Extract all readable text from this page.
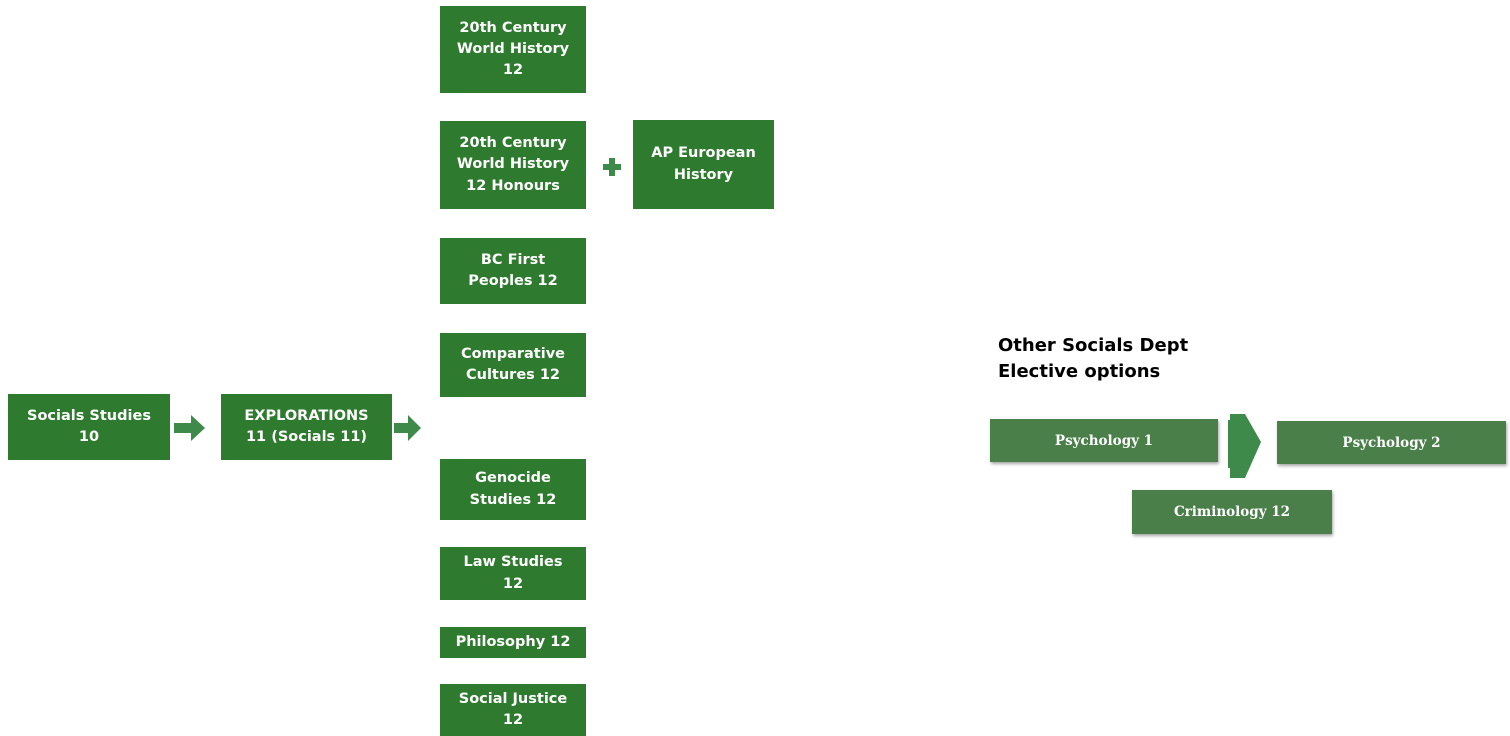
Socials Studies
10
EXPLORATIONS
11 (Socials 11)
20th Century
World History
12
20th Century
World History
12 Honours
AP European
History
BC First
Peoples 12
Comparative
Cultures 12
Genocide
Studies 12
Law Studies
12
Philosophy 12
Social Justice
12
Other Socials Dept
Elective options
Psychology 1	Psychology 2
Criminology 12
